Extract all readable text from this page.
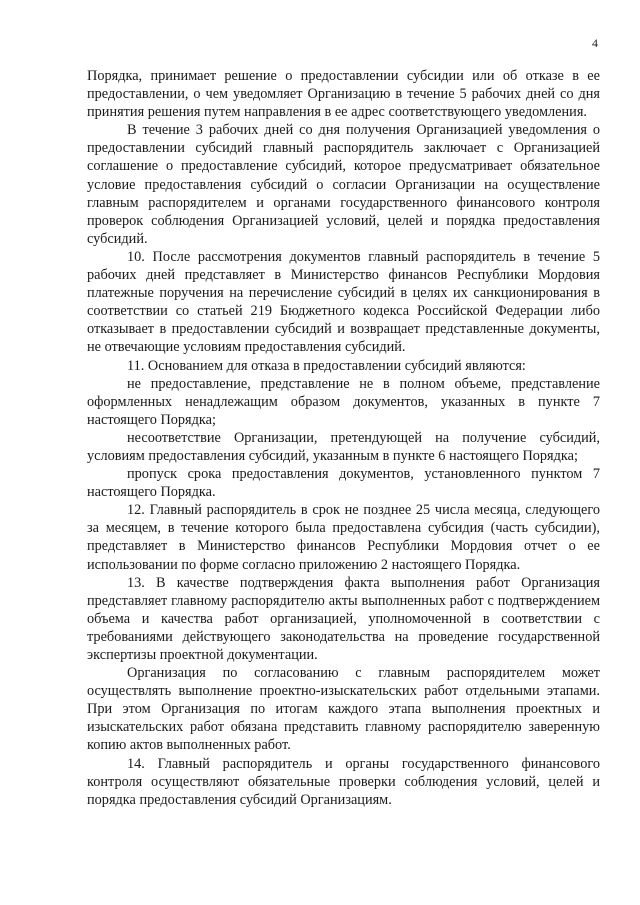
4

Порядка, принимает решение о предоставлении субсидии или об отказе в ее предоставлении, о чем уведомляет Организацию в течение 5 рабочих дней со дня принятия решения путем направления в ее адрес соответствующего уведомления.

В течение 3 рабочих дней со дня получения Организацией уведомления о предоставлении субсидий главный распорядитель заключает с Организацией соглашение о предоставление субсидий, которое предусматривает обязательное условие предоставления субсидий о согласии Организации на осуществление главным распорядителем и органами государственного финансового контроля проверок соблюдения Организацией условий, целей и порядка предоставления субсидий.

10. После рассмотрения документов главный распорядитель в течение 5 рабочих дней представляет в Министерство финансов Республики Мордовия платежные поручения на перечисление субсидий в целях их санкционирования в соответствии со статьей 219 Бюджетного кодекса Российской Федерации либо отказывает в предоставлении субсидий и возвращает представленные документы, не отвечающие условиям предоставления субсидий.

11. Основанием для отказа в предоставлении субсидий являются:

не предоставление, представление не в полном объеме, представление оформленных ненадлежащим образом документов, указанных в пункте 7 настоящего Порядка;

несоответствие Организации, претендующей на получение субсидий, условиям предоставления субсидий, указанным в пункте 6 настоящего Порядка;

пропуск срока предоставления документов, установленного пунктом 7 настоящего Порядка.

12. Главный распорядитель в срок не позднее 25 числа месяца, следующего за месяцем, в течение которого была предоставлена субсидия (часть субсидии), представляет в Министерство финансов Республики Мордовия отчет о ее использовании по форме согласно приложению 2 настоящего Порядка.

13. В качестве подтверждения факта выполнения работ Организация представляет главному распорядителю акты выполненных работ с подтверждением объема и качества работ организацией, уполномоченной в соответствии с требованиями действующего законодательства на проведение государственной экспертизы проектной документации.

Организация по согласованию с главным распорядителем может осуществлять выполнение проектно-изыскательских работ отдельными этапами. При этом Организация по итогам каждого этапа выполнения проектных и изыскательских работ обязана представить главному распорядителю заверенную копию актов выполненных работ.

14. Главный распорядитель и органы государственного финансового контроля осуществляют обязательные проверки соблюдения условий, целей и порядка предоставления субсидий Организациям.
